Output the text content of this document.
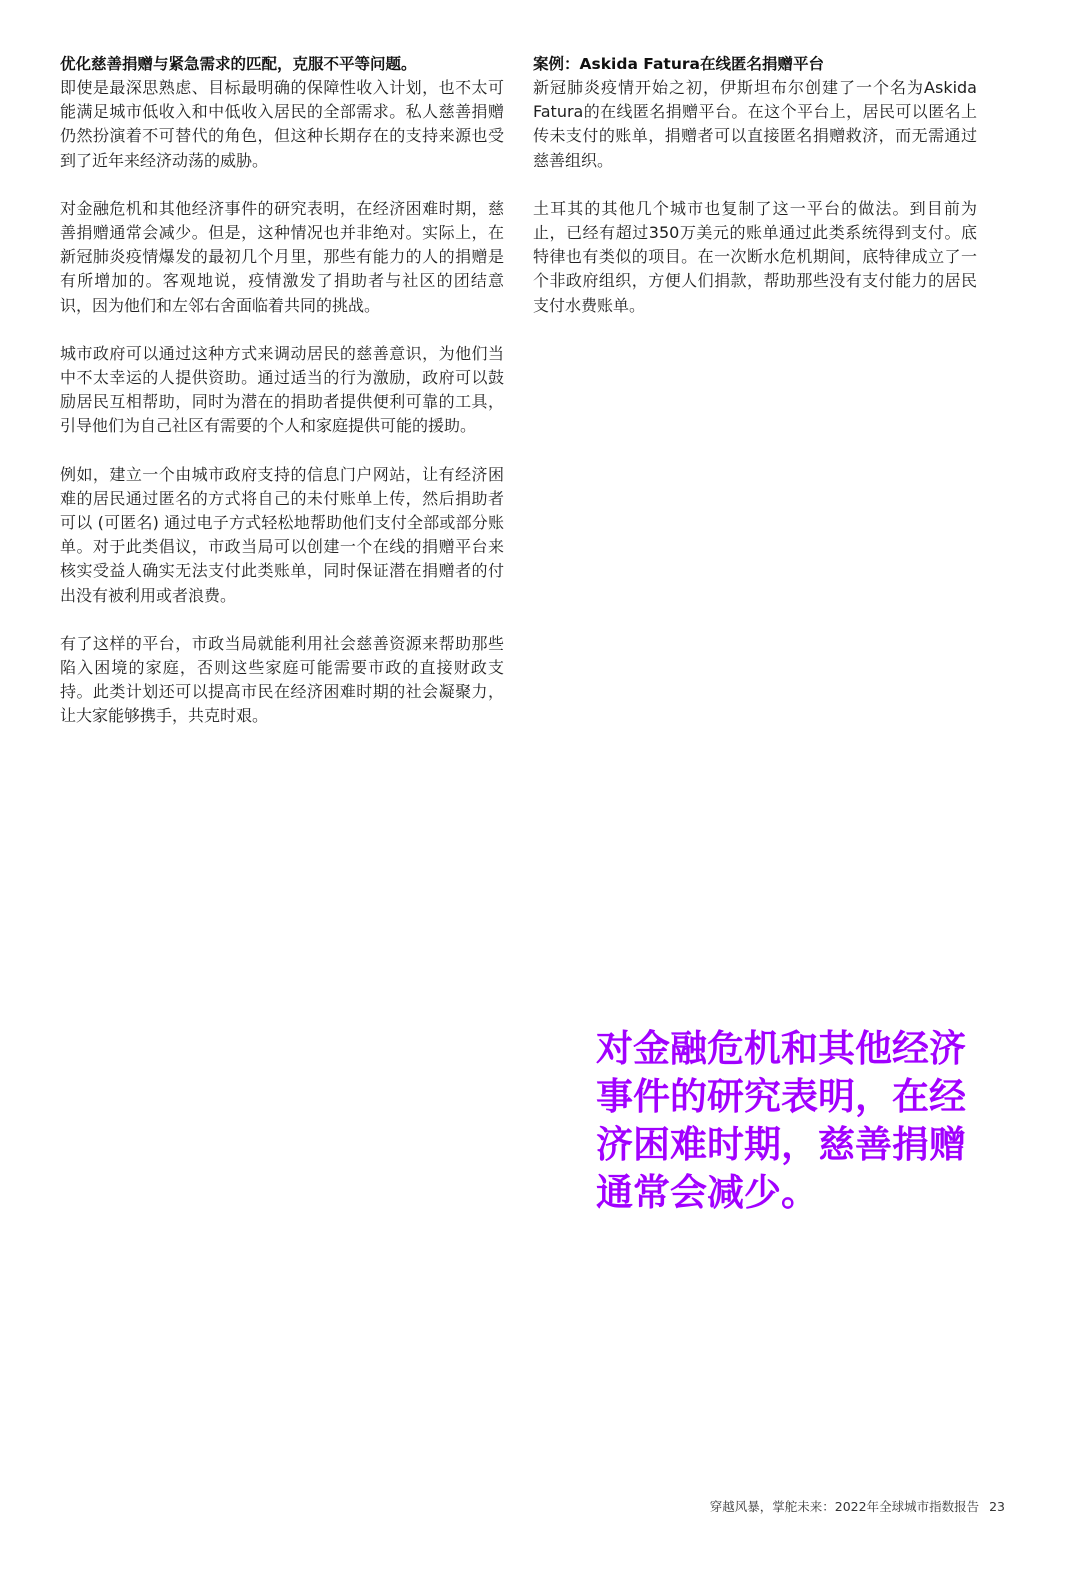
优化慈善捐赠与紧急需求的匹配，克服不平等问题。

即使是最深思熟虑、目标最明确的保障性收入计划，也不太可能满足城市低收入和中低收入居民的全部需求。私人慈善捐赠仍然扮演着不可替代的角色，但这种长期存在的支持来源也受到了近年来经济动荡的威胁。

对金融危机和其他经济事件的研究表明，在经济困难时期，慈善捐赠通常会减少。但是，这种情况也并非绝对。实际上，在新冠肺炎疫情爆发的最初几个月里，那些有能力的人的捐赠是有所增加的。客观地说，疫情激发了捐助者与社区的团结意识，因为他们和左邻右舍面临着共同的挑战。

城市政府可以通过这种方式来调动居民的慈善意识，为他们当中不太幸运的人提供资助。通过适当的行为激励，政府可以鼓励居民互相帮助，同时为潜在的捐助者提供便利可靠的工具，引导他们为自己社区有需要的个人和家庭提供可能的援助。

例如，建立一个由城市政府支持的信息门户网站，让有经济困难的居民通过匿名的方式将自己的未付账单上传，然后捐助者可以 (可匿名) 通过电子方式轻松地帮助他们支付全部或部分账单。对于此类倡议，市政当局可以创建一个在线的捐赠平台来核实受益人确实无法支付此类账单，同时保证潜在捐赠者的付出没有被利用或者浪费。

有了这样的平台，市政当局就能利用社会慈善资源来帮助那些陷入困境的家庭，否则这些家庭可能需要市政的直接财政支持。此类计划还可以提高市民在经济困难时期的社会凝聚力，让大家能够携手，共克时艰。

案例：Askida Fatura在线匿名捐赠平台

新冠肺炎疫情开始之初，伊斯坦布尔创建了一个名为Askida Fatura的在线匿名捐赠平台。在这个平台上，居民可以匿名上传未支付的账单，捐赠者可以直接匿名捐赠救济，而无需通过慈善组织。

土耳其的其他几个城市也复制了这一平台的做法。到目前为止，已经有超过350万美元的账单通过此类系统得到支付。底特律也有类似的项目。在一次断水危机期间，底特律成立了一个非政府组织，方便人们捐款，帮助那些没有支付能力的居民支付水费账单。

对金融危机和其他经济事件的研究表明，在经济困难时期，慈善捐赠通常会减少。

穿越风暴，掌舵未来：2022年全球城市指数报告 23
